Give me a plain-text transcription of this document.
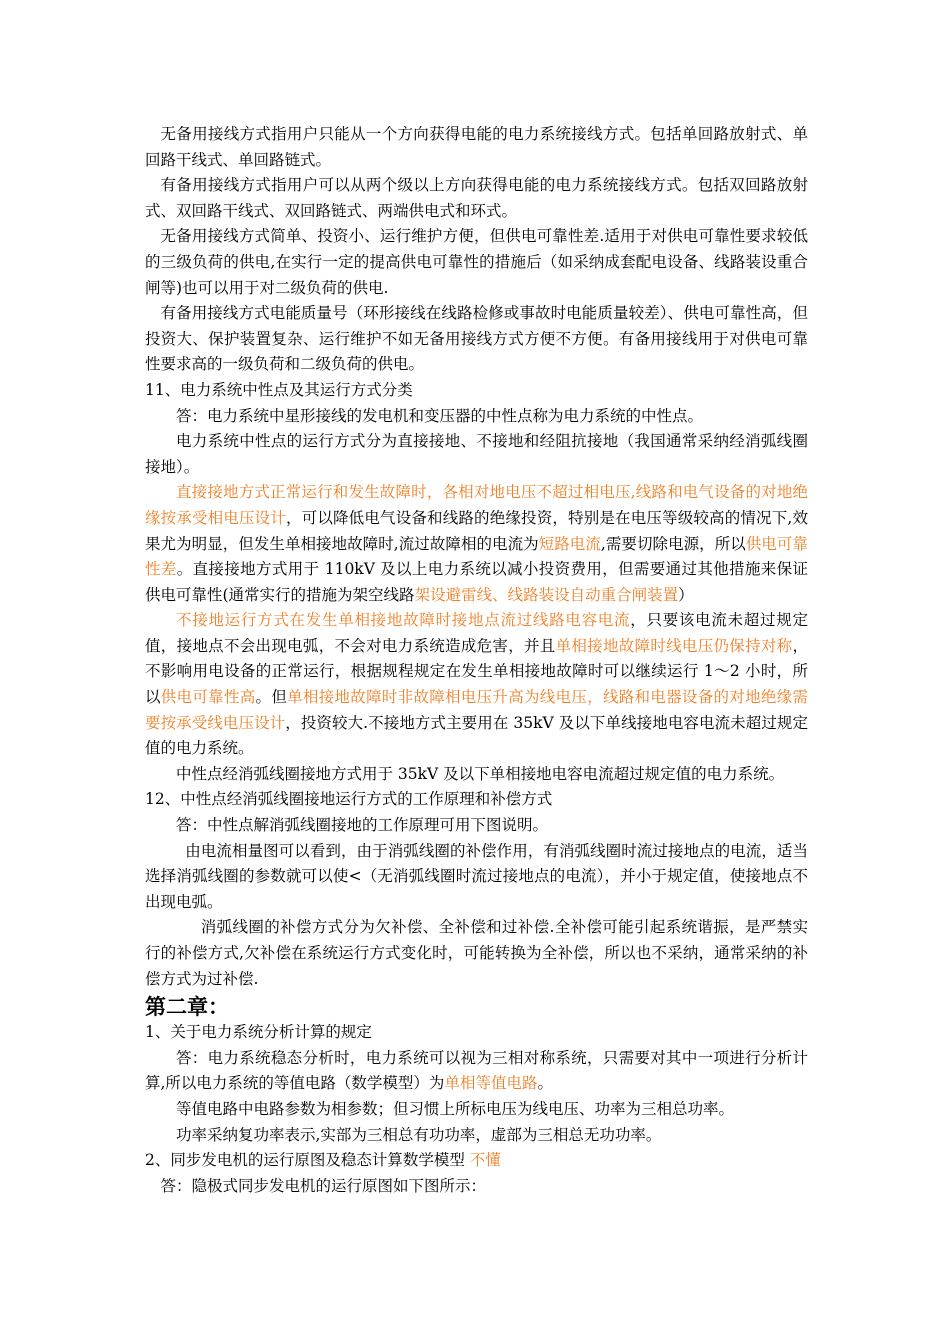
无备用接线方式指用户只能从一个方向获得电能的电力系统接线方式。包括单回路放射式、单回路干线式、单回路链式。

有备用接线方式指用户可以从两个级以上方向获得电能的电力系统接线方式。包括双回路放射式、双回路干线式、双回路链式、两端供电式和环式。

无备用接线方式简单、投资小、运行维护方便，但供电可靠性差.适用于对供电可靠性要求较低的三级负荷的供电,在实行一定的提高供电可靠性的措施后（如采纳成套配电设备、线路装设重合闸等)也可以用于对二级负荷的供电.

有备用接线方式电能质量号（环形接线在线路检修或事故时电能质量较差）、供电可靠性高，但投资大、保护装置复杂、运行维护不如无备用接线方式方便不方便。有备用接线用于对供电可靠性要求高的一级负荷和二级负荷的供电。

11、电力系统中性点及其运行方式分类

答：电力系统中星形接线的发电机和变压器的中性点称为电力系统的中性点。

电力系统中性点的运行方式分为直接接地、不接地和经阻抗接地（我国通常采纳经消弧线圈接地）。

直接接地方式正常运行和发生故障时，各相对地电压不超过相电压,线路和电气设备的对地绝缘按承受相电压设计，可以降低电气设备和线路的绝缘投资，特别是在电压等级较高的情况下,效果尤为明显，但发生单相接地故障时,流过故障相的电流为短路电流,需要切除电源，所以供电可靠性差。直接接地方式用于 110kV 及以上电力系统以减小投资费用，但需要通过其他措施来保证供电可靠性(通常实行的措施为架空线路架设避雷线、线路装设自动重合闸装置）

不接地运行方式在发生单相接地故障时接地点流过线路电容电流，只要该电流未超过规定值，接地点不会出现电弧，不会对电力系统造成危害，并且单相接地故障时线电压仍保持对称，不影响用电设备的正常运行，根据规程规定在发生单相接地故障时可以继续运行 1～2 小时，所以供电可靠性高。但单相接地故障时非故障相电压升高为线电压，线路和电器设备的对地绝缘需要按承受线电压设计，投资较大.不接地方式主要用在 35kV 及以下单线接地电容电流未超过规定值的电力系统。

中性点经消弧线圈接地方式用于 35kV 及以下单相接地电容电流超过规定值的电力系统。

12、中性点经消弧线圈接地运行方式的工作原理和补偿方式

答：中性点解消弧线圈接地的工作原理可用下图说明。

由电流相量图可以看到，由于消弧线圈的补偿作用，有消弧线圈时流过接地点的电流，适当选择消弧线圈的参数就可以使<（无消弧线圈时流过接地点的电流），并小于规定值，使接地点不出现电弧。

消弧线圈的补偿方式分为欠补偿、全补偿和过补偿.全补偿可能引起系统谐振，是严禁实行的补偿方式,欠补偿在系统运行方式变化时，可能转换为全补偿，所以也不采纳，通常采纳的补偿方式为过补偿.

第二章：

1、关于电力系统分析计算的规定

答：电力系统稳态分析时，电力系统可以视为三相对称系统，只需要对其中一项进行分析计算,所以电力系统的等值电路（数学模型）为单相等值电路。

等值电路中电路参数为相参数；但习惯上所标电压为线电压、功率为三相总功率。

功率采纳复功率表示,实部为三相总有功功率，虚部为三相总无功功率。

2、同步发电机的运行原图及稳态计算数学模型 不懂

答：隐极式同步发电机的运行原图如下图所示：
